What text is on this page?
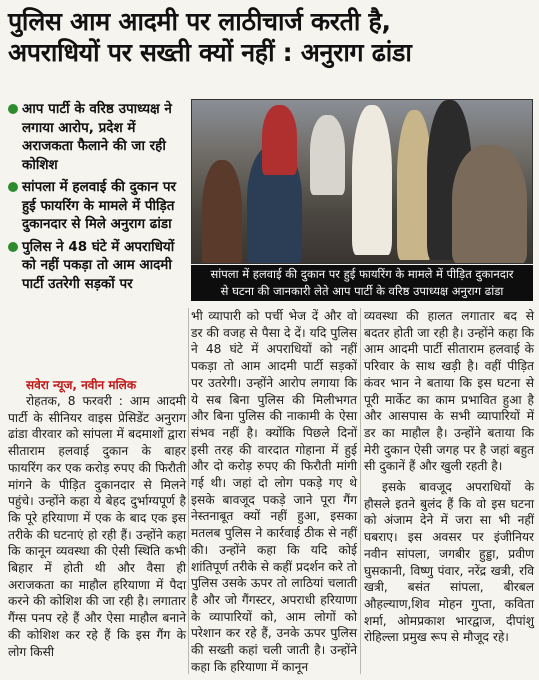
पुलिस आम आदमी पर लाठीचार्ज करती है,
अपराधियों पर सख्ती क्यों नहीं : अनुराग ढांडा
आप पार्टी के वरिष्ठ उपाध्यक्ष ने लगाया आरोप, प्रदेश में अराजकता फैलाने की जा रही कोशिश
सांपला में हलवाई की दुकान पर हुई फायरिंग के मामले में पीड़ित दुकानदार से मिले अनुराग ढांडा
पुलिस ने 48 घंटे में अपराधियों को नहीं पकड़ा तो आम आदमी पार्टी उतरेगी सड़कों पर
सांपला में हलवाई की दुकान पर हुई फायरिंग के मामले में पीड़ित दुकानदार
से घटना की जानकारी लेते आप पार्टी के वरिष्ठ उपाध्यक्ष अनुराग ढांडा
सवेरा न्यूज, नवीन मलिक

रोहतक, 8 फरवरी : आम आदमी पार्टी के सीनियर वाइस प्रेसिडेंट अनुराग ढांडा वीरवार को सांपला में बदमाशों द्वारा सीताराम हलवाई दुकान के बाहर फायरिंग कर एक करोड़ रुपए की फिरौती मांगने के पीड़ित दुकानदार से मिलने पहुंचे। उन्होंने कहा ये बेहद दुर्भाग्यपूर्ण है कि पूरे हरियाणा में एक के बाद एक इस तरीके की घटनाएं हो रही हैं। उन्होंने कहा कि कानून व्यवस्था की ऐसी स्थिति कभी बिहार में होती थी और वैसा ही अराजकता का माहौल हरियाणा में पैदा करने की कोशिश की जा रही है। लगातार गैंग्स पनप रहे हैं और ऐसा माहौल बनाने की कोशिश कर रहे हैं कि इस गैंग के लोग किसी

भी व्यापारी को पर्ची भेज दें और वो डर की वजह से पैसा दे दें। यदि पुलिस ने 48 घंटे में अपराधियों को नहीं पकड़ा तो आम आदमी पार्टी सड़कों पर उतरेगी। उन्होंने आरोप लगाया कि ये सब बिना पुलिस की मिलीभगत और बिना पुलिस की नाकामी के ऐसा संभव नहीं है। क्योंकि पिछले दिनों इसी तरह की वारदात गोहाना में हुई और दो करोड़ रुपए की फिरौती मांगी गई थी। जहां दो लोग पकड़े गए थे इसके बावजूद पकड़े जाने पूरा गैंग नेस्तनाबूत क्यों नहीं हुआ, इसका मतलब पुलिस ने कार्रवाई ठीक से नहीं की। उन्होंने कहा कि यदि कोई शांतिपूर्ण तरीके से कहीं प्रदर्शन करे तो पुलिस उसके ऊपर तो लाठियां चलाती है और जो गैंगस्टर, अपराधी हरियाणा के व्यापारियों को, आम लोगों को परेशान कर रहे हैं, उनके ऊपर पुलिस की सख्ती कहां चली जाती है। उन्होंने कहा कि हरियाणा में कानून

व्यवस्था की हालत लगातार बद से बदतर होती जा रही है। उन्होंने कहा कि आम आदमी पार्टी सीताराम हलवाई के परिवार के साथ खड़ी है। वहीं पीड़ित कंवर भान ने बताया कि इस घटना से पूरी मार्केट का काम प्रभावित हुआ है और आसपास के सभी व्यापारियों में डर का माहौल है। उन्होंने बताया कि मेरी दुकान ऐसी जगह पर है जहां बहुत सी दुकानें हैं और खुली रहती है।

इसके बावजूद अपराधियों के हौसले इतने बुलंद हैं कि वो इस घटना को अंजाम देने में जरा सा भी नहीं घबराए। इस अवसर पर इंजीनियर नवीन सांपला, जगबीर हुड्डा, प्रवीण घुसकानी, विष्णु पंवार, नरेंद्र खत्री, रवि खत्री, बसंत सांपला, बीरबल औहल्याण,शिव मोहन गुप्ता, कविता शर्मा, ओमप्रकाश भारद्वाज, दीपांशु रोहिल्ला प्रमुख रूप से मौजूद रहे।
